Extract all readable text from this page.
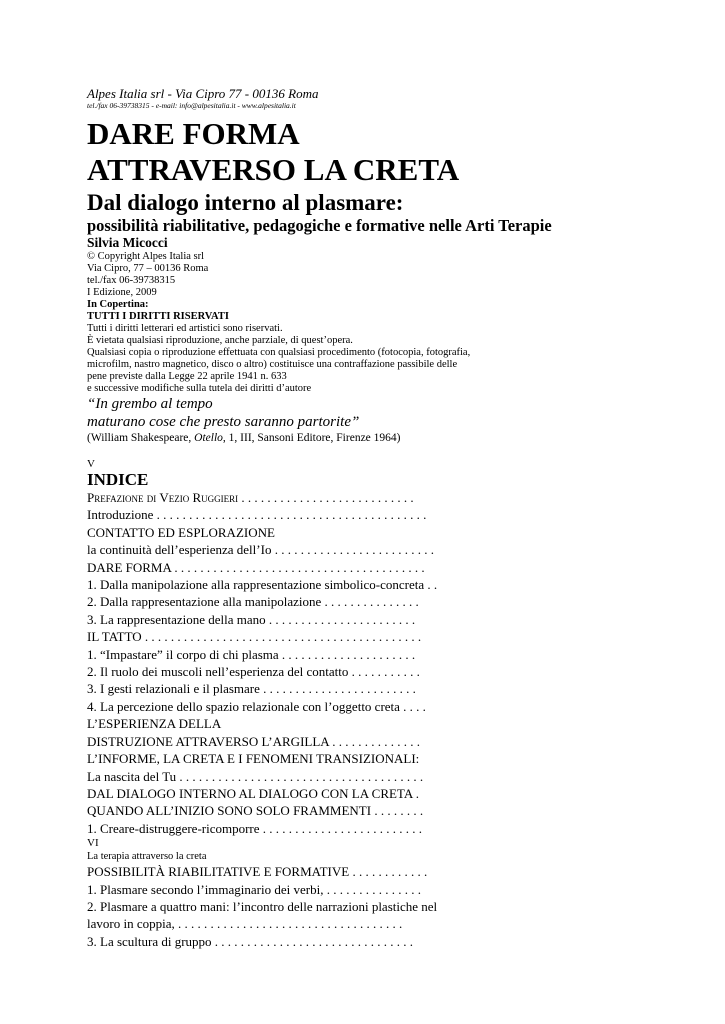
Alpes Italia srl - Via Cipro 77 - 00136 Roma
tel./fax 06-39738315 - e-mail: info@alpesitalia.it - www.alpesitalia.it
DARE FORMA
ATTRAVERSO LA CRETA
Dal dialogo interno al plasmare:
possibilità riabilitative, pedagogiche e formative nelle Arti Terapie
Silvia Micocci
© Copyright Alpes Italia srl
Via Cipro, 77 – 00136 Roma
tel./fax 06-39738315
I Edizione, 2009
In Copertina:
TUTTI I DIRITTI RISERVATI
Tutti i diritti letterari ed artistici sono riservati.
È vietata qualsiasi riproduzione, anche parziale, di quest’opera.
Qualsiasi copia o riproduzione effettuata con qualsiasi procedimento (fotocopia, fotografia,
microfilm, nastro magnetico, disco o altro) costituisce una contraffazione passibile delle
pene previste dalla Legge 22 aprile 1941 n. 633
e successive modifiche sulla tutela dei diritti d’autore
“In grembo al tempo
maturano cose che presto saranno partorite”
(William Shakespeare, Otello, 1, III, Sansoni Editore, Firenze 1964)
V
INDICE
Prefazione di Vezio Ruggieri . . . . . . . . . . . . . . . . . . . . . . . . . . .
Introduzione . . . . . . . . . . . . . . . . . . . . . . . . . . . . . . . . . . . . . . . . . .
CONTATTO ED ESPLORAZIONE
la continuità dell’esperienza dell’Io . . . . . . . . . . . . . . . . . . . . . . . . .
DARE FORMA . . . . . . . . . . . . . . . . . . . . . . . . . . . . . . . . . . . . . . .
1. Dalla manipolazione alla rappresentazione simbolico-concreta . .
2. Dalla rappresentazione alla manipolazione . . . . . . . . . . . . . . .
3. La rappresentazione della mano . . . . . . . . . . . . . . . . . . . . . . .
IL TATTO . . . . . . . . . . . . . . . . . . . . . . . . . . . . . . . . . . . . . . . . . . .
1. “Impastare” il corpo di chi plasma . . . . . . . . . . . . . . . . . . . . .
2. Il ruolo dei muscoli nell’esperienza del contatto . . . . . . . . . . .
3. I gesti relazionali e il plasmare . . . . . . . . . . . . . . . . . . . . . . . .
4. La percezione dello spazio relazionale con l’oggetto creta . . . .
L’ESPERIENZA DELLA
DISTRUZIONE ATTRAVERSO L’ARGILLA . . . . . . . . . . . . . .
L’INFORME, LA CRETA E I FENOMENI TRANSIZIONALI:
La nascita del Tu . . . . . . . . . . . . . . . . . . . . . . . . . . . . . . . . . . . . . .
DAL DIALOGO INTERNO AL DIALOGO CON LA CRETA .
QUANDO ALL’INIZIO SONO SOLO FRAMMENTI . . . . . . . .
1. Creare-distruggere-ricomporre . . . . . . . . . . . . . . . . . . . . . . . . .
VI
La terapia attraverso la creta
POSSIBILITÀ RIABILITATIVE E FORMATIVE . . . . . . . . . . . .
1. Plasmare secondo l’immaginario dei verbi, . . . . . . . . . . . . . . .
2. Plasmare a quattro mani: l’incontro delle narrazioni plastiche nel
lavoro in coppia, . . . . . . . . . . . . . . . . . . . . . . . . . . . . . . . . . . .
3. La scultura di gruppo . . . . . . . . . . . . . . . . . . . . . . . . . . . . . . .
